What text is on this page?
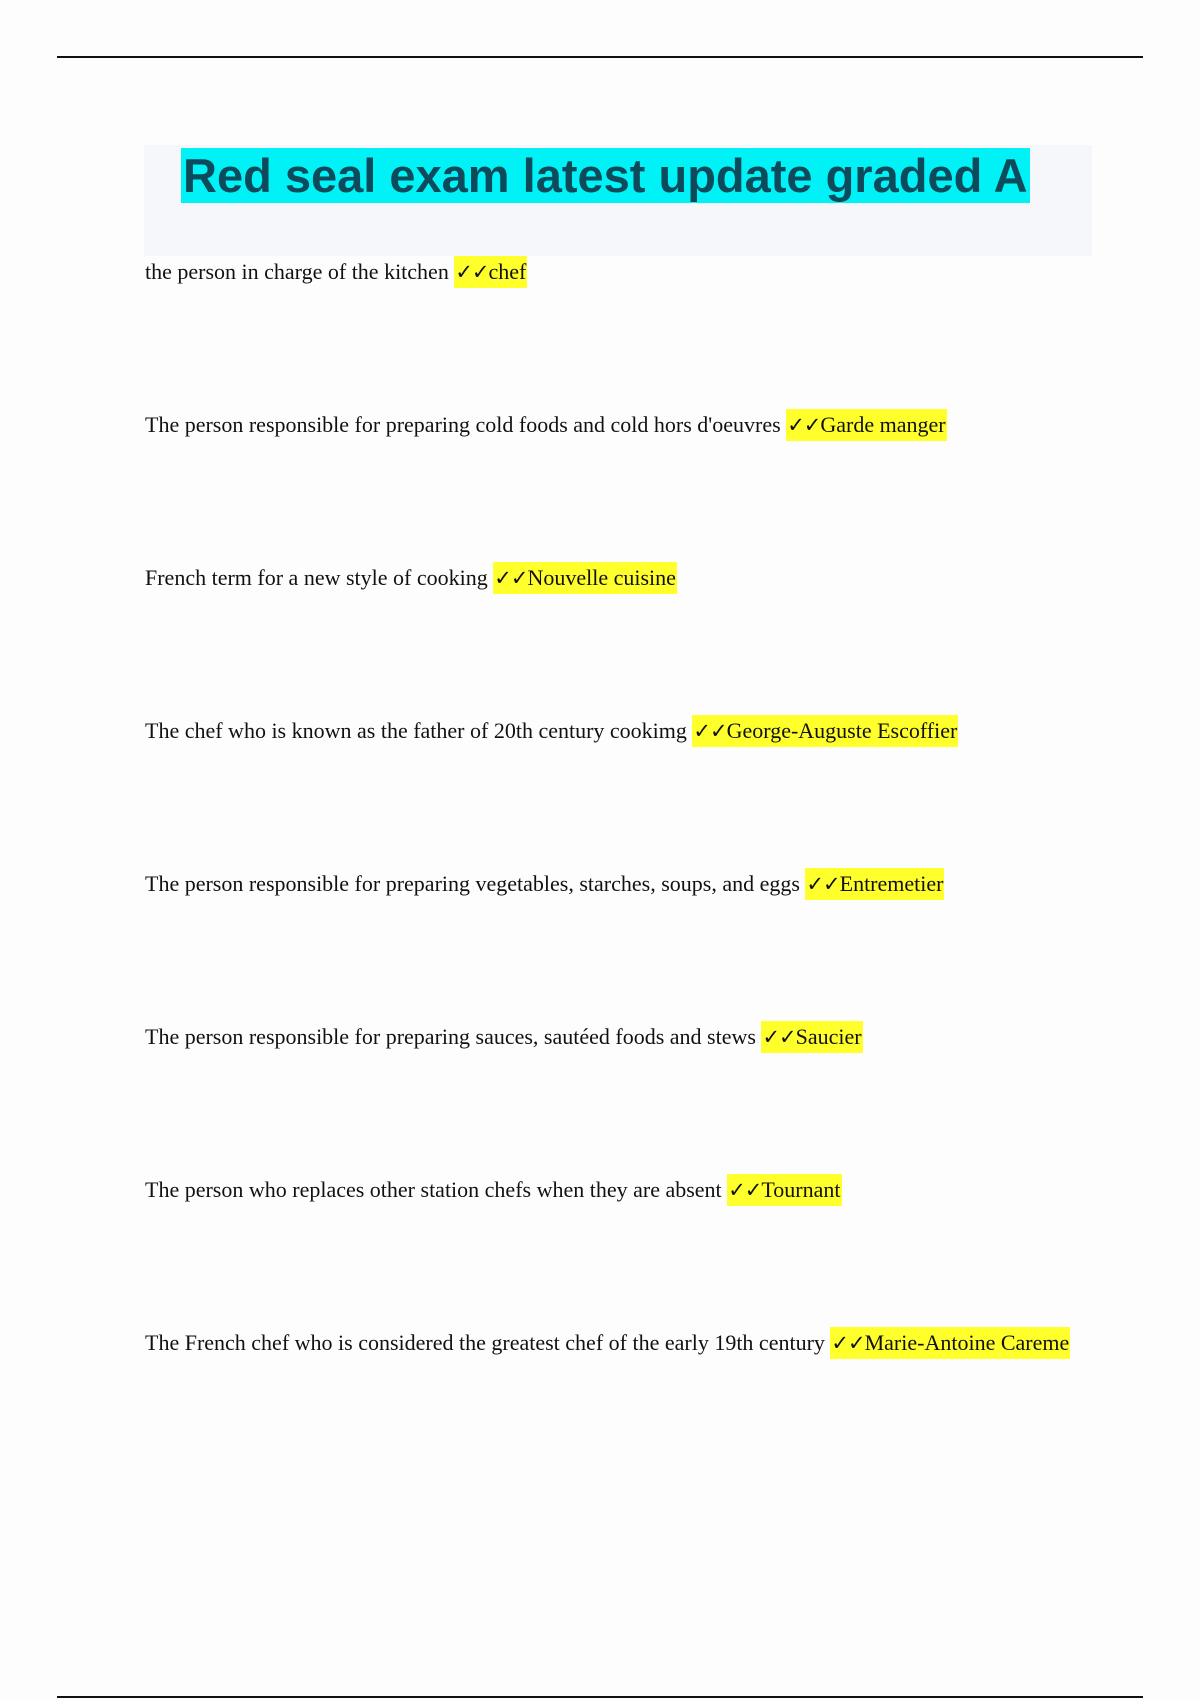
Red seal exam latest update graded A
the person in charge of the kitchen ✓✓chef
The person responsible for preparing cold foods and cold hors d'oeuvres ✓✓Garde manger
French term for a new style of cooking ✓✓Nouvelle cuisine
The chef who is known as the father of 20th century cookimg ✓✓George-Auguste Escoffier
The person responsible for preparing vegetables, starches, soups, and eggs ✓✓Entremetier
The person responsible for preparing sauces, sautéed foods and stews ✓✓Saucier
The person who replaces other station chefs when they are absent ✓✓Tournant
The French chef who is considered the greatest chef of the early 19th century ✓✓Marie-Antoine Careme
